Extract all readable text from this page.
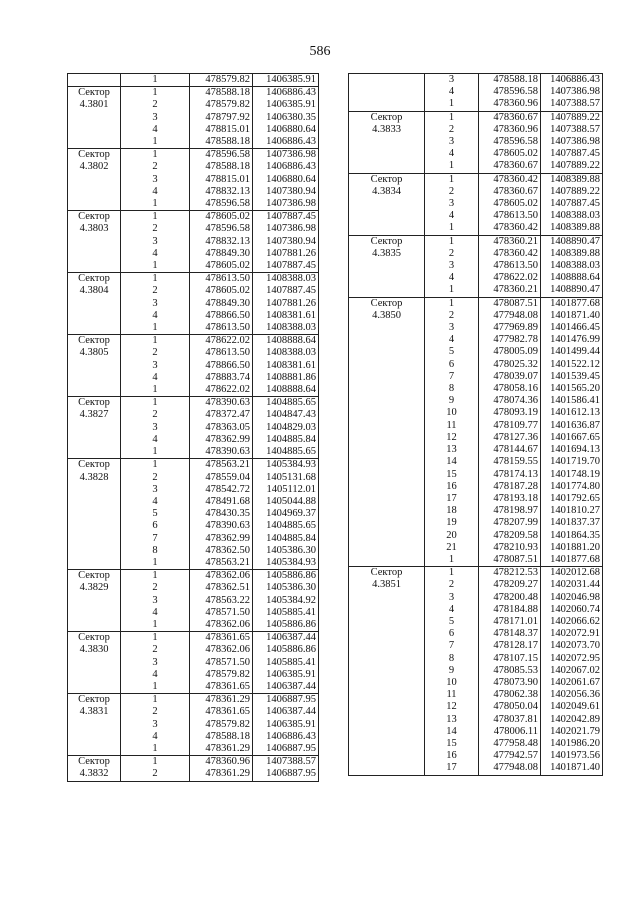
586
	1	478579.82	1406385.91

Сектор
4.3801	1	478588.18	1406886.43
	2	478579.82	1406385.91
	3	478797.92	1406380.35
	4	478815.01	1406880.64
	1	478588.18	1406886.43

Сектор
4.3802	1	478596.58	1407386.98
	2	478588.18	1406886.43
	3	478815.01	1406880.64
	4	478832.13	1407380.94
	1	478596.58	1407386.98

Сектор
4.3803	1	478605.02	1407887.45
	2	478596.58	1407386.98
	3	478832.13	1407380.94
	4	478849.30	1407881.26
	1	478605.02	1407887.45

Сектор
4.3804	1	478613.50	1408388.03
	2	478605.02	1407887.45
	3	478849.30	1407881.26
	4	478866.50	1408381.61
	1	478613.50	1408388.03

Сектор
4.3805	1	478622.02	1408888.64
	2	478613.50	1408388.03
	3	478866.50	1408381.61
	4	478883.74	1408881.86
	1	478622.02	1408888.64

Сектор
4.3827	1	478390.63	1404885.65
	2	478372.47	1404847.43
	3	478363.05	1404829.03
	4	478362.99	1404885.84
	1	478390.63	1404885.65

Сектор
4.3828	1	478563.21	1405384.93
	2	478559.04	1405131.68
	3	478542.72	1405112.01
	4	478491.68	1405044.88
	5	478430.35	1404969.37
	6	478390.63	1404885.65
	7	478362.99	1404885.84
	8	478362.50	1405386.30
	1	478563.21	1405384.93

Сектор
4.3829	1	478362.06	1405886.86
	2	478362.51	1405386.30
	3	478563.22	1405384.92
	4	478571.50	1405885.41
	1	478362.06	1405886.86

Сектор
4.3830	1	478361.65	1406387.44
	2	478362.06	1405886.86
	3	478571.50	1405885.41
	4	478579.82	1406385.91
	1	478361.65	1406387.44

Сектор
4.3831	1	478361.29	1406887.95
	2	478361.65	1406387.44
	3	478579.82	1406385.91
	4	478588.18	1406886.43
	1	478361.29	1406887.95

Сектор
4.3832	1	478360.96	1407388.57
	2	478361.29	1406887.95
	3	478588.18	1406886.43
	4	478596.58	1407386.98
	1	478360.96	1407388.57

Сектор
4.3833	1	478360.67	1407889.22
	2	478360.96	1407388.57
	3	478596.58	1407386.98
	4	478605.02	1407887.45
	1	478360.67	1407889.22

Сектор
4.3834	1	478360.42	1408389.88
	2	478360.67	1407889.22
	3	478605.02	1407887.45
	4	478613.50	1408388.03
	1	478360.42	1408389.88

Сектор
4.3835	1	478360.21	1408890.47
	2	478360.42	1408389.88
	3	478613.50	1408388.03
	4	478622.02	1408888.64
	1	478360.21	1408890.47

Сектор
4.3850	1	478087.51	1401877.68
	2	477948.08	1401871.40
	3	477969.89	1401466.45
	4	477982.78	1401476.99
	5	478005.09	1401499.44
	6	478025.32	1401522.12
	7	478039.07	1401539.45
	8	478058.16	1401565.20
	9	478074.36	1401586.41
	10	478093.19	1401612.13
	11	478109.77	1401636.87
	12	478127.36	1401667.65
	13	478144.67	1401694.13
	14	478159.55	1401719.70
	15	478174.13	1401748.19
	16	478187.28	1401774.80
	17	478193.18	1401792.65
	18	478198.97	1401810.27
	19	478207.99	1401837.37
	20	478209.58	1401864.35
	21	478210.93	1401881.20
	1	478087.51	1401877.68

Сектор
4.3851	1	478212.53	1402012.68
	2	478209.27	1402031.44
	3	478200.48	1402046.98
	4	478184.88	1402060.74
	5	478171.01	1402066.62
	6	478148.37	1402072.91
	7	478128.17	1402073.70
	8	478107.15	1402072.95
	9	478085.53	1402067.02
	10	478073.90	1402061.67
	11	478062.38	1402056.36
	12	478050.04	1402049.61
	13	478037.81	1402042.89
	14	478006.11	1402021.79
	15	477958.48	1401986.20
	16	477942.57	1401973.56
	17	477948.08	1401871.40
